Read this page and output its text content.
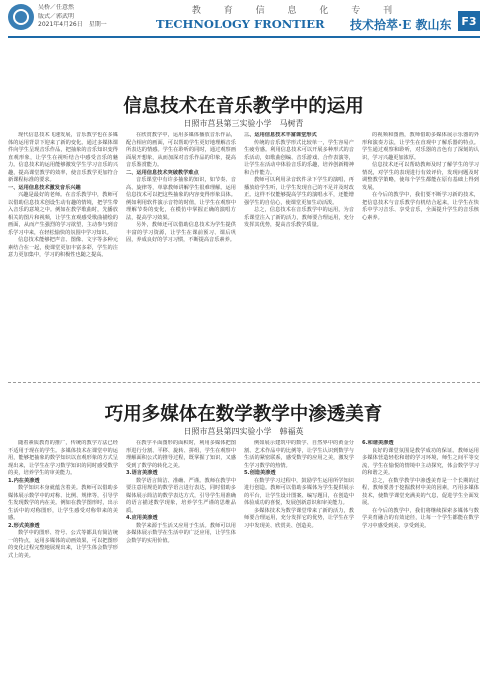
吴桥／任意然
版式／郭武明
2021年4月26日　星期一
教 育 信 息 化 专 刊
TECHNOLOGY FRONTIER	技术拾萃·E 教山东 F3
信息技术在音乐教学中的运用
日照市莒县第三实验小学　马树青

现代信息技术飞速发展，音乐教学也在多媒体的运用背景下迎来了新的变化。通过多媒体课件向学生呈现音乐作品，把抽象的音乐知识变得直观形象，让学生在视听结合中感受音乐的魅力。信息技术的运用能够激发学生学习音乐的兴趣，提高课堂教学的效率，使音乐教学更加符合新课程标准的要求。

一、运用信息技术激发音乐兴趣

兴趣是最好的老师。在音乐教学中，教师可以借助信息技术创设生动有趣的情境，把学生带入音乐的意境之中。例如在教学歌曲时，先播放相关的图片和视频，让学生直观感受歌曲描绘的画面，从而产生强烈的学习欲望，主动参与到音乐学习中来，在轻松愉快的氛围中学习知识。

信息技术能够把声音、图像、文字等多种元素结合在一起，使课堂更加丰富多彩，学生的注意力更加集中，学习的积极性也随之提高。

在欣赏教学中，运用多媒体播放音乐作品，配合相应的画面，可以帮助学生更好地理解音乐所表达的情感。学生在聆听的同时，通过观察画面展开想象，从而加深对音乐作品的印象，提高音乐鉴赏能力。

二、运用信息技术突破教学难点

音乐课堂中有许多抽象的知识，如节奏、音高、旋律等，单靠教师讲解学生很难理解。运用信息技术可以把这些抽象的内容变得形象具体。例如利用软件演示音符的时值，让学生在观察中理解节奏的变化，在模仿中掌握正确的演唱方法，提高学习效果。

另外，教师还可以借助信息技术为学生提供丰富的学习资源，让学生在课前预习、课后巩固，养成良好的学习习惯，不断提高音乐素养。

三、运用信息技术丰富课堂形式

传统的音乐教学形式比较单一，学生容易产生疲劳感。利用信息技术可以开展多种形式的音乐活动，如歌曲创编、音乐游戏、合作表演等，让学生在活动中体验音乐的乐趣，培养创新精神和合作能力。

教师可以利用录音软件录下学生的演唱，再播放给学生听，让学生发现自己的不足并及时改正。这样不仅能够提高学生的演唱水平，还能增强学生的自信心，使课堂更加生动活泼。

总之，信息技术在音乐教学中的运用，为音乐课堂注入了新的活力，教师要合理运用，充分发挥其优势，提高音乐教学质量。

的视频和图画，教师借助多媒体展示乐器的外形和演奏方法，让学生在直观中了解乐器的特点。学生通过观察和聆听，对乐器的音色有了深刻的认识，学习兴趣更加浓厚。

信息技术还可以帮助教师及时了解学生的学习情况，对学生的表现进行有效评价，发现问题及时调整教学策略，使每个学生都能在原有基础上得到发展。

在今后的教学中，我们要不断学习新的技术，把信息技术与音乐教学有机结合起来，让学生在快乐中学习音乐、享受音乐，全面提升学生的音乐核心素养。

巧用多媒体在数学教学中渗透美育
日照市莒县第四实验小学　韩福英

随着素质教育的推广，传统的教学方法已经不适用于现在的学生。多媒体技术在课堂中的运用，能够把抽象的数学知识以直观形象的方式呈现出来，让学生在学习数学知识的同时感受数学的美，培养学生的审美能力。

1.内在美渗透

数学知识本身就蕴含着美。教师可以借助多媒体展示数学中的对称、比例、规律等，引导学生发现数学的内在美。例如在教学图形时，出示生活中的对称图形，让学生感受对称带来的美感。

2.形式美渗透

数学中的图形、符号、公式等都具有简洁统一的特点，运用多媒体的动画效果，可以把图形的变化过程完整地展现出来，让学生体会数学形式上的美。

在教学平面图形的面积时，利用多媒体把图形进行分割、平移、旋转、拼组，学生在观察中理解面积公式的推导过程，既掌握了知识，又感受到了数学的转化之美。

3.语言美渗透

数学语言简洁、准确、严谨。教师在教学中要注意用规范的数学语言进行表达，同时借助多媒体展示简洁的数学表达方式，引导学生用准确的语言描述数学现象，培养学生严谨的思维品质。

4.应用美渗透

数学来源于生活又应用于生活。教师可以用多媒体展示数学在生活中的广泛应用，让学生体会数学的实用价值。

例如展示建筑中的数学、自然界中的黄金分割、艺术作品中的比例等，让学生认识到数学与生活的紧密联系，感受数学的应用之美，激发学生学习数学的热情。

5.创造美渗透

在数学学习过程中，鼓励学生运用所学知识进行创造。教师可以借助多媒体为学生提供展示的平台，让学生设计图案、编写题目，在创造中体验成功的喜悦，发展创新意识和审美能力。

多媒体技术为数学课堂带来了新的活力，教师要合理运用，充分发挥它的优势，让学生在学习中发现美、欣赏美、创造美。

6.和谐美渗透

良好的课堂氛围是教学成功的保证。教师运用多媒体营造轻松和谐的学习环境，师生之间平等交流，学生在愉悦的情境中主动探究，体会数学学习的和谐之美。

总之，在数学教学中渗透美育是一个长期的过程，教师要善于挖掘教材中美的因素，巧用多媒体技术，使数学课堂充满美的气息，促进学生全面发展。

在今后的教学中，我们将继续探索多媒体与数学美育融合的有效途径，让每一个学生都能在数学学习中感受到美、享受到美。
